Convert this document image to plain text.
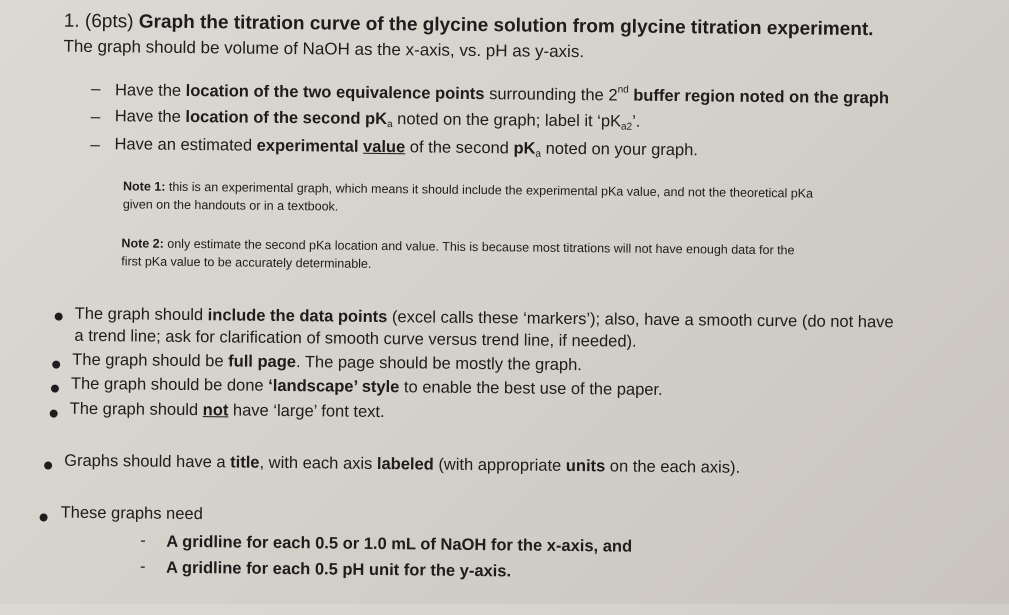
1. (6pts) Graph the titration curve of the glycine solution from glycine titration experiment.
The graph should be volume of NaOH as the x-axis, vs. pH as y-axis.
– Have the location of the two equivalence points surrounding the 2nd buffer region noted on the graph
– Have the location of the second $pK_a$ noted on the graph; label it ‘$pK_{a2}$’.
– Have an estimated experimental value of the second $pK_a$ noted on your graph.
Note 1: this is an experimental graph, which means it should include the experimental pKa value, and not the theoretical pKa
given on the handouts or in a textbook.
Note 2: only estimate the second pKa location and value. This is because most titrations will not have enough data for the
first pKa value to be accurately determinable.
The graph should include the data points (excel calls these ‘markers’); also, have a smooth curve (do not have
a trend line; ask for clarification of smooth curve versus trend line, if needed).
The graph should be full page. The page should be mostly the graph.
The graph should be done ‘landscape’ style to enable the best use of the paper.
The graph should not have ‘large’ font text.
Graphs should have a title, with each axis labeled (with appropriate units on the each axis).
These graphs need
- A gridline for each 0.5 or 1.0 mL of NaOH for the x-axis, and
- A gridline for each 0.5 pH unit for the y-axis.
